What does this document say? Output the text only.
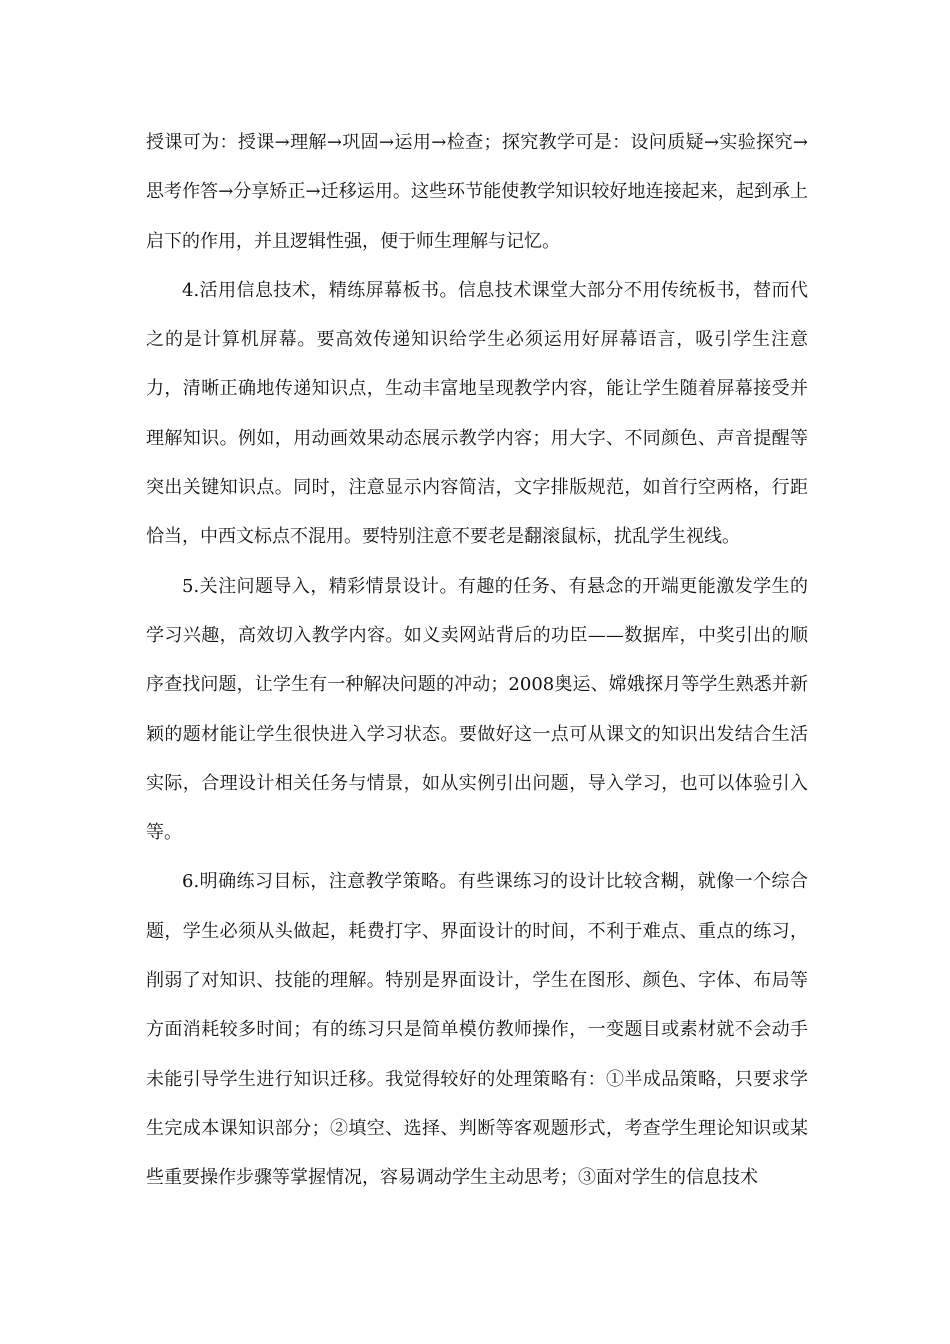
授课可为：授课→理解→巩固→运用→检查；探究教学可是：设问质疑→实验探究→思考作答→分享矫正→迁移运用。这些环节能使教学知识较好地连接起来，起到承上启下的作用，并且逻辑性强，便于师生理解与记忆。

4.活用信息技术，精练屏幕板书。信息技术课堂大部分不用传统板书，替而代之的是计算机屏幕。要高效传递知识给学生必须运用好屏幕语言，吸引学生注意力，清晰正确地传递知识点，生动丰富地呈现教学内容，能让学生随着屏幕接受并理解知识。例如，用动画效果动态展示教学内容；用大字、不同颜色、声音提醒等突出关键知识点。同时，注意显示内容简洁，文字排版规范，如首行空两格，行距恰当，中西文标点不混用。要特别注意不要老是翻滚鼠标，扰乱学生视线。

5.关注问题导入，精彩情景设计。有趣的任务、有悬念的开端更能激发学生的学习兴趣，高效切入教学内容。如义卖网站背后的功臣——数据库，中奖引出的顺序查找问题，让学生有一种解决问题的冲动；2008奥运、嫦娥探月等学生熟悉并新颖的题材能让学生很快进入学习状态。要做好这一点可从课文的知识出发结合生活实际，合理设计相关任务与情景，如从实例引出问题，导入学习，也可以体验引入等。

6.明确练习目标，注意教学策略。有些课练习的设计比较含糊，就像一个综合题，学生必须从头做起，耗费打字、界面设计的时间，不利于难点、重点的练习，削弱了对知识、技能的理解。特别是界面设计，学生在图形、颜色、字体、布局等方面消耗较多时间；有的练习只是简单模仿教师操作，一变题目或素材就不会动手未能引导学生进行知识迁移。我觉得较好的处理策略有：①半成品策略，只要求学生完成本课知识部分；②填空、选择、判断等客观题形式，考查学生理论知识或某些重要操作步骤等掌握情况，容易调动学生主动思考；③面对学生的信息技术
